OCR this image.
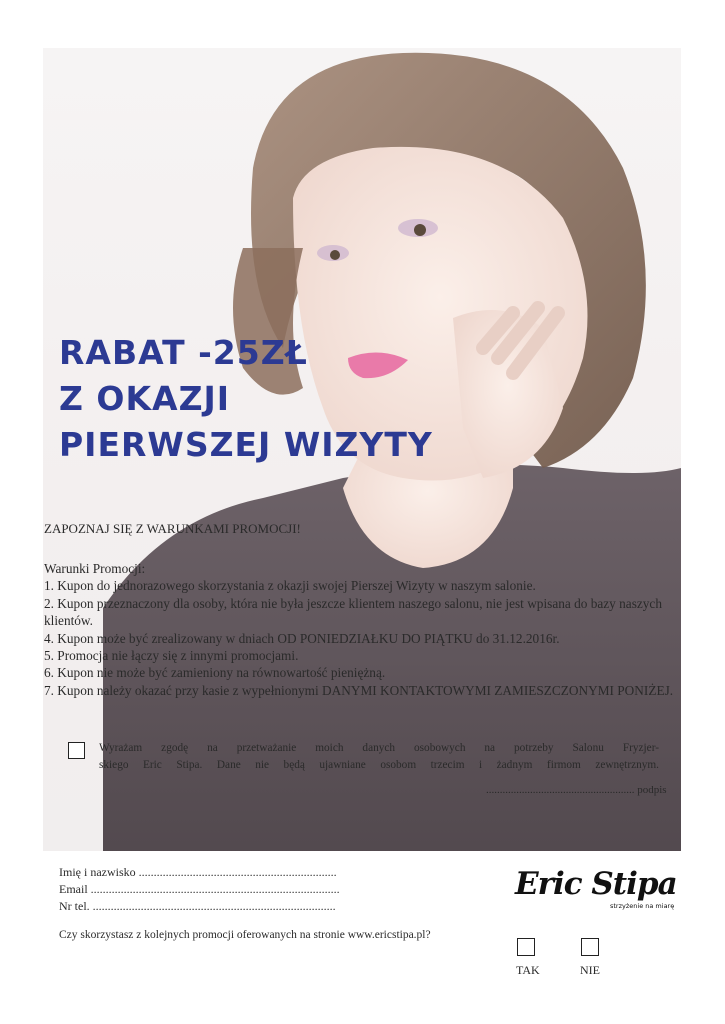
RABAT -25ZŁ
Z OKAZJI
PIERWSZEJ WIZYTY
ZAPOZNAJ SIĘ Z WARUNKAMI PROMOCJI!
Warunki Promocji:
1. Kupon do jednorazowego skorzystania z okazji swojej Pierszej Wizyty w naszym salonie.
2. Kupon przeznaczony dla osoby, która nie była jeszcze klientem naszego salonu, nie jest wpisana do bazy naszych klientów.
4. Kupon może być zrealizowany w dniach OD PONIEDZIAŁKU DO PIĄTKU do 31.12.2016r.
5. Promocja nie łączy się z innymi promocjami.
6. Kupon nie może być zamieniony na równowartość pieniężną.
7. Kupon należy okazać przy kasie z wypełnionymi DANYMI KONTAKTOWYMI ZAMIESZCZONYMI PONIŻEJ.
Wyrażam zgodę na przetważanie moich danych osobowych na potrzeby Salonu Fryzjer-
skiego Eric Stipa. Dane nie będą ujawniane osobom trzecim i żadnym firmom zewnętrznym.
...................................................... podpis
Imię i nazwisko ..................................................................
Email ...................................................................................
Nr tel. .................................................................................
Eric Stipa
strzyżenie na miarę
Czy skorzystasz z kolejnych promocji oferowanych na stronie www.ericstipa.pl?
TAK	NIE
